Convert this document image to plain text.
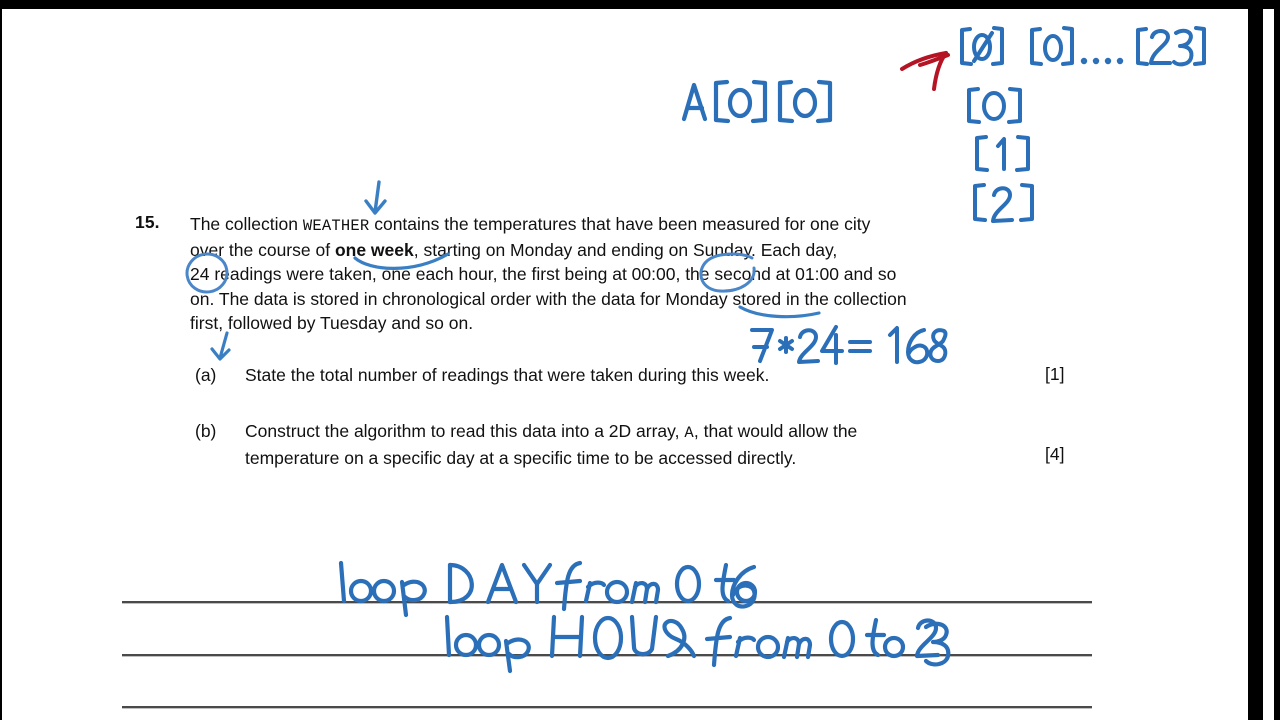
15. The collection WEATHER contains the temperatures that have been measured for one city
over the course of one week, starting on Monday and ending on Sunday. Each day,
24 readings were taken, one each hour, the first being at 00:00, the second at 01:00 and so
on. The data is stored in chronological order with the data for Monday stored in the collection
first, followed by Tuesday and so on.
(a) State the total number of readings that were taken during this week.	[1]
(b) Construct the algorithm to read this data into a 2D array, A, that would allow the
temperature on a specific day at a specific time to be accessed directly.	[4]
